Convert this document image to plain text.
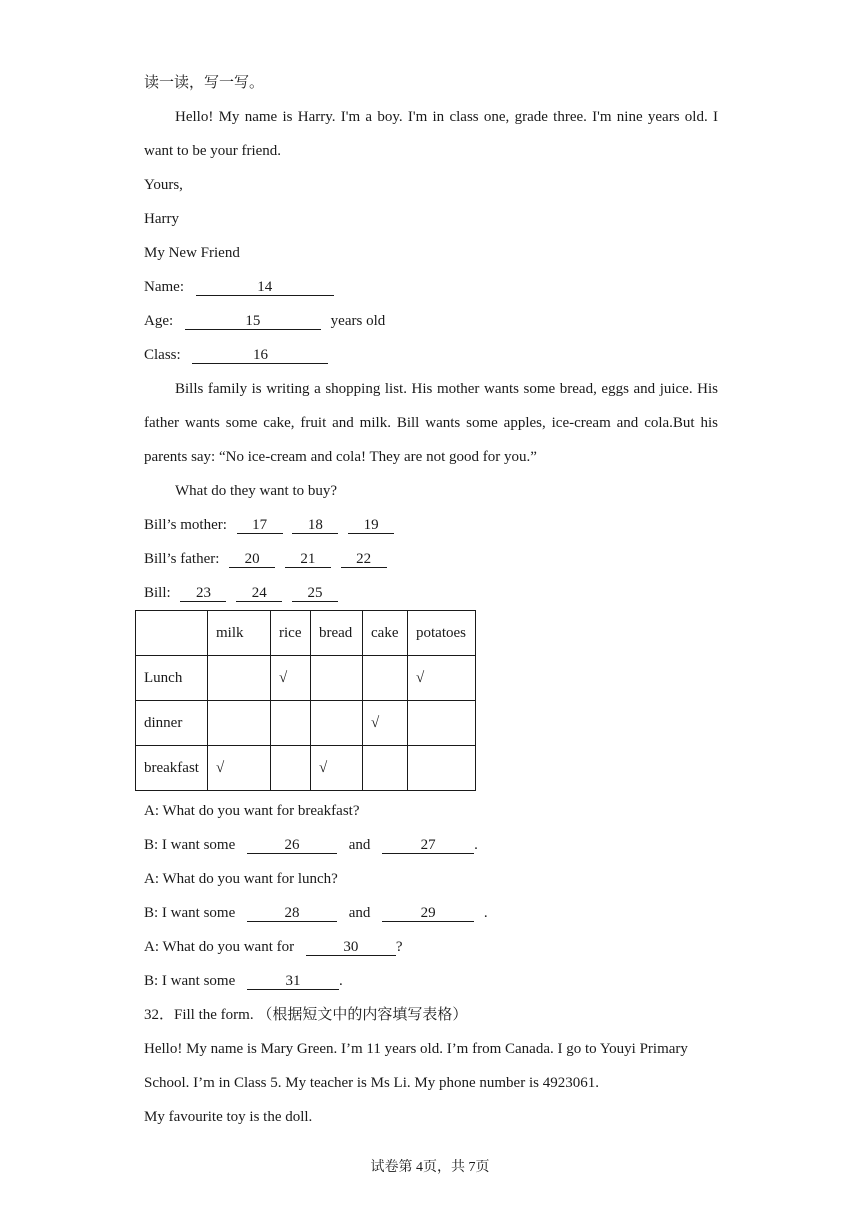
读一读，写一写。
Hello! My name is Harry. I'm a boy. I'm in class one, grade three. I'm nine years old. I
want to be your friend.
Yours,
Harry
My New Friend
Name:	14
Age:	15	years old
Class:	16
Bills family is writing a shopping list. His mother wants some bread, eggs and juice. His
father wants some cake, fruit and milk. Bill wants some apples, ice-cream and cola.But his
parents say: “No ice-cream and cola! They are not good for you.”
What do they want to buy?
Bill’s mother: 17	18	19
Bill’s father: 20	21	22
Bill: 23	24	25
	milk	rice	bread	cake	potatoes
Lunch		√			√
dinner				√	
breakfast	√		√		
A: What do you want for breakfast?
B: I want some	26	and	27	.
A: What do you want for lunch?
B: I want some	28	and	29	.
A: What do you want for	30	?
B: I want some	31	.
32．Fill the form. （根据短文中的内容填写表格）
Hello! My name is Mary Green. I’m 11 years old. I’m from Canada. I go to Youyi Primary
School. I’m in Class 5. My teacher is Ms Li. My phone number is 4923061.
My favourite toy is the doll.
试卷第 4页，共 7页
